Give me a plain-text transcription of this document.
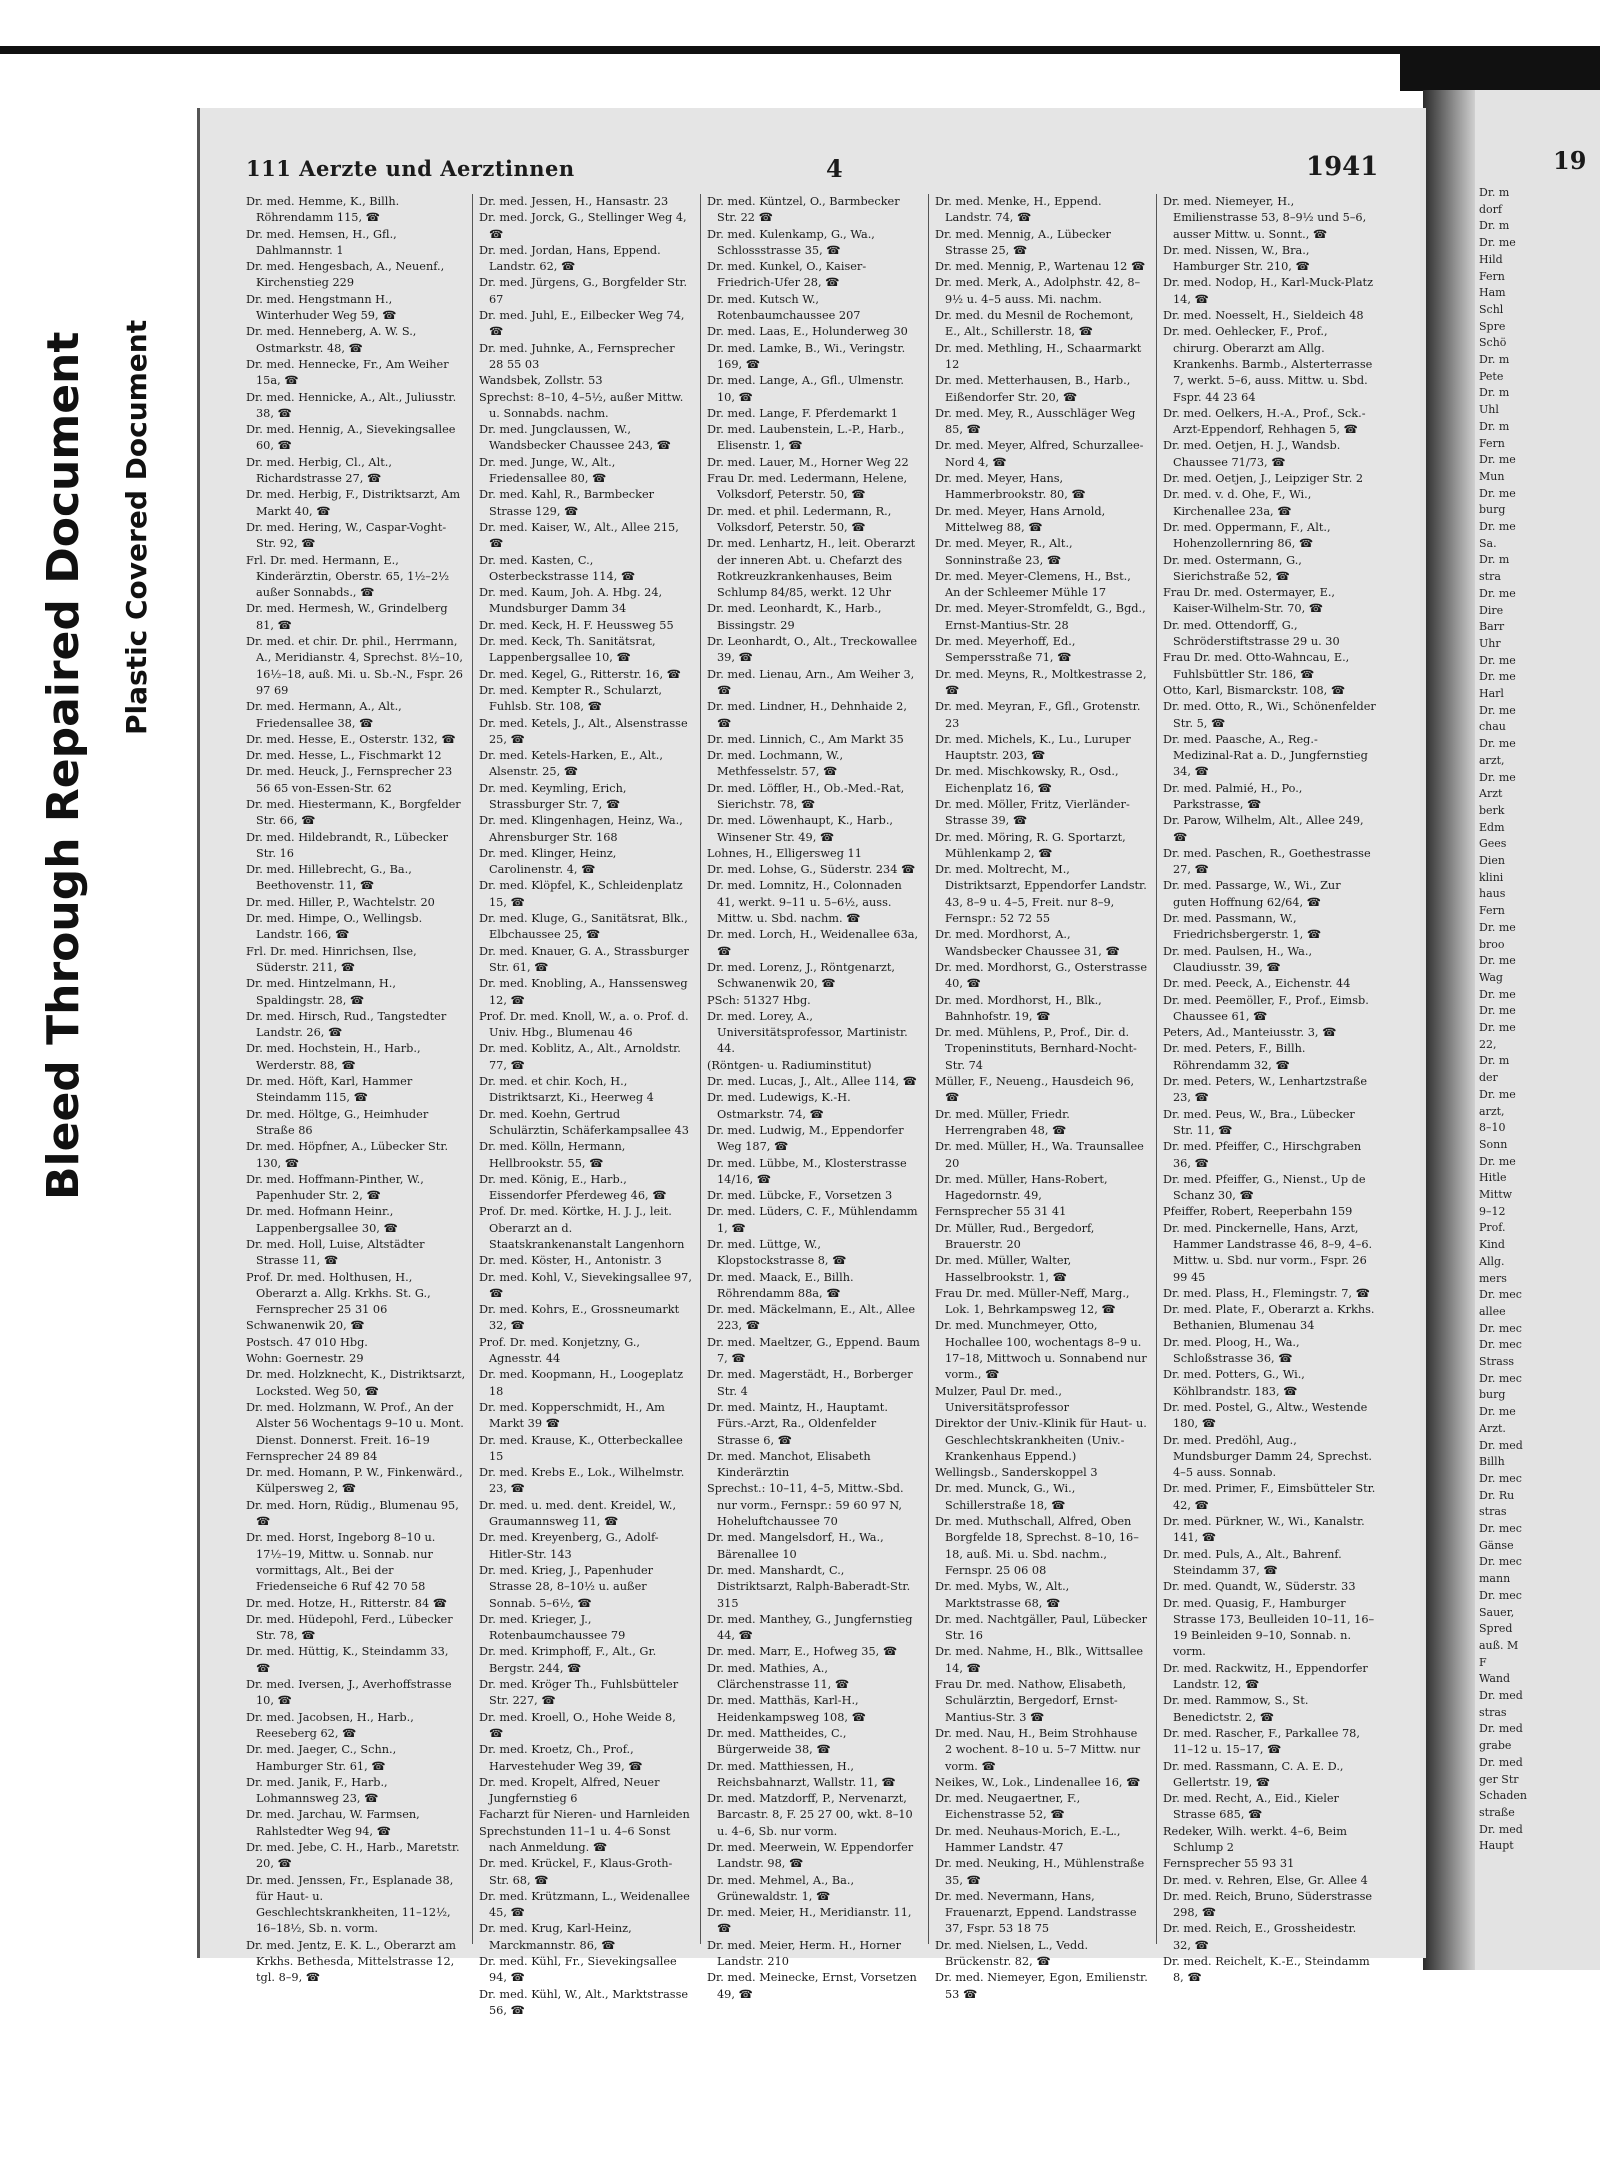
19
Dr. m
dorf
Dr. m
Dr. me
Hild
Fern
Ham
Schl
Spre
Schö
Dr. m
Pete
Dr. m
Uhl
Dr. m
Fern
Dr. me
Mun
Dr. me
burg
Dr. me
Sa.
Dr. m
stra
Dr. me
Dire
Barr
Uhr
Dr. me
Dr. me
Harl
Dr. me
chau
Dr. me
arzt,
Dr. me
Arzt
berk
Edm
Gees
Dien
klini
haus
Fern
Dr. me
broo
Dr. me
Wag
Dr. me
Dr. me
Dr. me
22,
Dr. m
der
Dr. me
arzt,
8–10
Sonn
Dr. me
Hitle
Mittw
9–12
Prof.
Kind
Allg.
mers
Dr. mec
allee
Dr. mec
Dr. mec
Strass
Dr. mec
burg
Dr. me
Arzt.
Dr. med
Billh
Dr. mec
Dr. Ru
stras
Dr. mec
Gänse
Dr. mec
mann
Dr. mec
Sauer,
Spred
auß. M
F
Wand
Dr. med
stras
Dr. med
grabe
Dr. med
ger Str
Schaden
straße
Dr. med
Haupt
Bleed Through Repaired Document Plastic Covered Document
111 Aerzte und Aerztinnen	4	1941

Dr. med. Hemme, K., Billh. Röhrendamm 115, ☎

Dr. med. Hemsen, H., Gfl., Dahlmannstr. 1

Dr. med. Hengesbach, A., Neuenf., Kirchenstieg 229

Dr. med. Hengstmann H., Winterhuder Weg 59, ☎

Dr. med. Henneberg, A. W. S., Ostmarkstr. 48, ☎

Dr. med. Hennecke, Fr., Am Weiher 15a, ☎

Dr. med. Hennicke, A., Alt., Juliusstr. 38, ☎

Dr. med. Hennig, A., Sievekingsallee 60, ☎

Dr. med. Herbig, Cl., Alt., Richardstrasse 27, ☎

Dr. med. Herbig, F., Distriktsarzt, Am Markt 40, ☎

Dr. med. Hering, W., Caspar-Voght-Str. 92, ☎

Frl. Dr. med. Hermann, E., Kinderärztin, Oberstr. 65, 1½–2½ außer Sonnabds., ☎

Dr. med. Hermesh, W., Grindelberg 81, ☎

Dr. med. et chir. Dr. phil., Herrmann, A., Meridianstr. 4, Sprechst. 8½–10, 16½–18, auß. Mi. u. Sb.-N., Fspr. 26 97 69

Dr. med. Hermann, A., Alt., Friedensallee 38, ☎

Dr. med. Hesse, E., Osterstr. 132, ☎

Dr. med. Hesse, L., Fischmarkt 12

Dr. med. Heuck, J., Fernsprecher 23 56 65 von-Essen-Str. 62

Dr. med. Hiestermann, K., Borgfelder Str. 66, ☎

Dr. med. Hildebrandt, R., Lübecker Str. 16

Dr. med. Hillebrecht, G., Ba., Beethovenstr. 11, ☎

Dr. med. Hiller, P., Wachtelstr. 20

Dr. med. Himpe, O., Wellingsb. Landstr. 166, ☎

Frl. Dr. med. Hinrichsen, Ilse, Süderstr. 211, ☎

Dr. med. Hintzelmann, H., Spaldingstr. 28, ☎

Dr. med. Hirsch, Rud., Tangstedter Landstr. 26, ☎

Dr. med. Hochstein, H., Harb., Werderstr. 88, ☎

Dr. med. Höft, Karl, Hammer Steindamm 115, ☎

Dr. med. Höltge, G., Heimhuder Straße 86

Dr. med. Höpfner, A., Lübecker Str. 130, ☎

Dr. med. Hoffmann-Pinther, W., Papenhuder Str. 2, ☎

Dr. med. Hofmann Heinr., Lappenbergsallee 30, ☎

Dr. med. Holl, Luise, Altstädter Strasse 11, ☎

Prof. Dr. med. Holthusen, H., Oberarzt a. Allg. Krkhs. St. G., Fernsprecher 25 31 06

Schwanenwik 20, ☎

Postsch. 47 010 Hbg.

Wohn: Goernestr. 29

Dr. med. Holzknecht, K., Distriktsarzt, Locksted. Weg 50, ☎

Dr. med. Holzmann, W. Prof., An der Alster 56 Wochentags 9–10 u. Mont. Dienst. Donnerst. Freit. 16–19

Fernsprecher 24 89 84

Dr. med. Homann, P. W., Finkenwärd., Külpersweg 2, ☎

Dr. med. Horn, Rüdig., Blumenau 95, ☎

Dr. med. Horst, Ingeborg 8–10 u. 17½–19, Mittw. u. Sonnab. nur vormittags, Alt., Bei der Friedenseiche 6 Ruf 42 70 58

Dr. med. Hotze, H., Ritterstr. 84 ☎

Dr. med. Hüdepohl, Ferd., Lübecker Str. 78, ☎

Dr. med. Hüttig, K., Steindamm 33, ☎

Dr. med. Iversen, J., Averhoffstrasse 10, ☎

Dr. med. Jacobsen, H., Harb., Reeseberg 62, ☎

Dr. med. Jaeger, C., Schn., Hamburger Str. 61, ☎

Dr. med. Janik, F., Harb., Lohmannsweg 23, ☎

Dr. med. Jarchau, W. Farmsen, Rahlstedter Weg 94, ☎

Dr. med. Jebe, C. H., Harb., Maretstr. 20, ☎

Dr. med. Jenssen, Fr., Esplanade 38, für Haut- u. Geschlechtskrankheiten, 11–12½, 16–18½, Sb. n. vorm.

Dr. med. Jentz, E. K. L., Oberarzt am Krkhs. Bethesda, Mittelstrasse 12, tgl. 8–9, ☎

Dr. med. Jessen, H., Hansastr. 23

Dr. med. Jorck, G., Stellinger Weg 4, ☎

Dr. med. Jordan, Hans, Eppend. Landstr. 62, ☎

Dr. med. Jürgens, G., Borgfelder Str. 67

Dr. med. Juhl, E., Eilbecker Weg 74, ☎

Dr. med. Juhnke, A., Fernsprecher 28 55 03

Wandsbek, Zollstr. 53

Sprechst: 8–10, 4–5½, außer Mittw. u. Sonnabds. nachm.

Dr. med. Jungclaussen, W., Wandsbecker Chaussee 243, ☎

Dr. med. Junge, W., Alt., Friedensallee 80, ☎

Dr. med. Kahl, R., Barmbecker Strasse 129, ☎

Dr. med. Kaiser, W., Alt., Allee 215, ☎

Dr. med. Kasten, C., Osterbeckstrasse 114, ☎

Dr. med. Kaum, Joh. A. Hbg. 24, Mundsburger Damm 34

Dr. med. Keck, H. F. Heussweg 55

Dr. med. Keck, Th. Sanitätsrat, Lappenbergsallee 10, ☎

Dr. med. Kegel, G., Ritterstr. 16, ☎

Dr. med. Kempter R., Schularzt, Fuhlsb. Str. 108, ☎

Dr. med. Ketels, J., Alt., Alsenstrasse 25, ☎

Dr. med. Ketels-Harken, E., Alt., Alsenstr. 25, ☎

Dr. med. Keymling, Erich, Strassburger Str. 7, ☎

Dr. med. Klingenhagen, Heinz, Wa., Ahrensburger Str. 168

Dr. med. Klinger, Heinz, Carolinenstr. 4, ☎

Dr. med. Klöpfel, K., Schleidenplatz 15, ☎

Dr. med. Kluge, G., Sanitätsrat, Blk., Elbchaussee 25, ☎

Dr. med. Knauer, G. A., Strassburger Str. 61, ☎

Dr. med. Knobling, A., Hanssensweg 12, ☎

Prof. Dr. med. Knoll, W., a. o. Prof. d. Univ. Hbg., Blumenau 46

Dr. med. Koblitz, A., Alt., Arnoldstr. 77, ☎

Dr. med. et chir. Koch, H., Distriktsarzt, Ki., Heerweg 4

Dr. med. Koehn, Gertrud Schulärztin, Schäferkampsallee 43

Dr. med. Kölln, Hermann, Hellbrookstr. 55, ☎

Dr. med. König, E., Harb., Eissendorfer Pferdeweg 46, ☎

Prof. Dr. med. Körtke, H. J. J., leit. Oberarzt an d. Staatskrankenanstalt Langenhorn

Dr. med. Köster, H., Antonistr. 3

Dr. med. Kohl, V., Sievekingsallee 97, ☎

Dr. med. Kohrs, E., Grossneumarkt 32, ☎

Prof. Dr. med. Konjetzny, G., Agnesstr. 44

Dr. med. Koopmann, H., Loogeplatz 18

Dr. med. Kopperschmidt, H., Am Markt 39 ☎

Dr. med. Krause, K., Otterbeckallee 15

Dr. med. Krebs E., Lok., Wilhelmstr. 23, ☎

Dr. med. u. med. dent. Kreidel, W., Graumannsweg 11, ☎

Dr. med. Kreyenberg, G., Adolf-Hitler-Str. 143

Dr. med. Krieg, J., Papenhuder Strasse 28, 8–10½ u. außer Sonnab. 5–6½, ☎

Dr. med. Krieger, J., Rotenbaumchaussee 79

Dr. med. Krimphoff, F., Alt., Gr. Bergstr. 244, ☎

Dr. med. Kröger Th., Fuhlsbütteler Str. 227, ☎

Dr. med. Kroell, O., Hohe Weide 8, ☎

Dr. med. Kroetz, Ch., Prof., Harvestehuder Weg 39, ☎

Dr. med. Kropelt, Alfred, Neuer Jungfernstieg 6

Facharzt für Nieren- und Harnleiden

Sprechstunden 11–1 u. 4–6 Sonst nach Anmeldung. ☎

Dr. med. Krückel, F., Klaus-Groth-Str. 68, ☎

Dr. med. Krützmann, L., Weidenallee 45, ☎

Dr. med. Krug, Karl-Heinz, Marckmannstr. 86, ☎

Dr. med. Kühl, Fr., Sievekingsallee 94, ☎

Dr. med. Kühl, W., Alt., Marktstrasse 56, ☎

Dr. med. Küntzel, O., Barmbecker Str. 22 ☎

Dr. med. Kulenkamp, G., Wa., Schlossstrasse 35, ☎

Dr. med. Kunkel, O., Kaiser-Friedrich-Ufer 28, ☎

Dr. med. Kutsch W., Rotenbaumchaussee 207

Dr. med. Laas, E., Holunderweg 30

Dr. med. Lamke, B., Wi., Veringstr. 169, ☎

Dr. med. Lange, A., Gfl., Ulmenstr. 10, ☎

Dr. med. Lange, F. Pferdemarkt 1

Dr. med. Laubenstein, L.-P., Harb., Elisenstr. 1, ☎

Dr. med. Lauer, M., Horner Weg 22

Frau Dr. med. Ledermann, Helene, Volksdorf, Peterstr. 50, ☎

Dr. med. et phil. Ledermann, R., Volksdorf, Peterstr. 50, ☎

Dr. med. Lenhartz, H., leit. Oberarzt der inneren Abt. u. Chefarzt des Rotkreuzkrankenhauses, Beim Schlump 84/85, werkt. 12 Uhr

Dr. med. Leonhardt, K., Harb., Bissingstr. 29

Dr. Leonhardt, O., Alt., Treckowallee 39, ☎

Dr. med. Lienau, Arn., Am Weiher 3, ☎

Dr. med. Lindner, H., Dehnhaide 2, ☎

Dr. med. Linnich, C., Am Markt 35

Dr. med. Lochmann, W., Methfesselstr. 57, ☎

Dr. med. Löffler, H., Ob.-Med.-Rat, Sierichstr. 78, ☎

Dr. med. Löwenhaupt, K., Harb., Winsener Str. 49, ☎

Lohnes, H., Elligersweg 11

Dr. med. Lohse, G., Süderstr. 234 ☎

Dr. med. Lomnitz, H., Colonnaden 41, werkt. 9–11 u. 5–6½, auss. Mittw. u. Sbd. nachm. ☎

Dr. med. Lorch, H., Weidenallee 63a, ☎

Dr. med. Lorenz, J., Röntgenarzt, Schwanenwik 20, ☎

PSch: 51327 Hbg.

Dr. med. Lorey, A., Universitätsprofessor, Martinistr. 44.

(Röntgen- u. Radiuminstitut)

Dr. med. Lucas, J., Alt., Allee 114, ☎

Dr. med. Ludewigs, K.-H. Ostmarkstr. 74, ☎

Dr. med. Ludwig, M., Eppendorfer Weg 187, ☎

Dr. med. Lübbe, M., Klosterstrasse 14/16, ☎

Dr. med. Lübcke, F., Vorsetzen 3

Dr. med. Lüders, C. F., Mühlendamm 1, ☎

Dr. med. Lüttge, W., Klopstockstrasse 8, ☎

Dr. med. Maack, E., Billh. Röhrendamm 88a, ☎

Dr. med. Mäckelmann, E., Alt., Allee 223, ☎

Dr. med. Maeltzer, G., Eppend. Baum 7, ☎

Dr. med. Magerstädt, H., Borberger Str. 4

Dr. med. Maintz, H., Hauptamt. Fürs.-Arzt, Ra., Oldenfelder Strasse 6, ☎

Dr. med. Manchot, Elisabeth Kinderärztin

Sprechst.: 10–11, 4–5, Mittw.-Sbd. nur vorm., Fernspr.: 59 60 97 N, Hoheluftchaussee 70

Dr. med. Mangelsdorf, H., Wa., Bärenallee 10

Dr. med. Manshardt, C., Distriktsarzt, Ralph-Baberadt-Str. 315

Dr. med. Manthey, G., Jungfernstieg 44, ☎

Dr. med. Marr, E., Hofweg 35, ☎

Dr. med. Mathies, A., Clärchenstrasse 11, ☎

Dr. med. Matthäs, Karl-H., Heidenkampsweg 108, ☎

Dr. med. Mattheides, C., Bürgerweide 38, ☎

Dr. med. Matthiessen, H., Reichsbahnarzt, Wallstr. 11, ☎

Dr. med. Matzdorff, P., Nervenarzt, Barcastr. 8, F. 25 27 00, wkt. 8–10 u. 4–6, Sb. nur vorm.

Dr. med. Meerwein, W. Eppendorfer Landstr. 98, ☎

Dr. med. Mehmel, A., Ba., Grünewaldstr. 1, ☎

Dr. med. Meier, H., Meridianstr. 11, ☎

Dr. med. Meier, Herm. H., Horner Landstr. 210

Dr. med. Meinecke, Ernst, Vorsetzen 49, ☎

Dr. med. Menke, H., Eppend. Landstr. 74, ☎

Dr. med. Mennig, A., Lübecker Strasse 25, ☎

Dr. med. Mennig, P., Wartenau 12 ☎

Dr. med. Merk, A., Adolphstr. 42, 8–9½ u. 4–5 auss. Mi. nachm.

Dr. med. du Mesnil de Rochemont, E., Alt., Schillerstr. 18, ☎

Dr. med. Methling, H., Schaarmarkt 12

Dr. med. Metterhausen, B., Harb., Eißendorfer Str. 20, ☎

Dr. med. Mey, R., Ausschläger Weg 85, ☎

Dr. med. Meyer, Alfred, Schurzallee-Nord 4, ☎

Dr. med. Meyer, Hans, Hammerbrookstr. 80, ☎

Dr. med. Meyer, Hans Arnold, Mittelweg 88, ☎

Dr. med. Meyer, R., Alt., Sonninstraße 23, ☎

Dr. med. Meyer-Clemens, H., Bst., An der Schleemer Mühle 17

Dr. med. Meyer-Stromfeldt, G., Bgd., Ernst-Mantius-Str. 28

Dr. med. Meyerhoff, Ed., Sempersstraße 71, ☎

Dr. med. Meyns, R., Moltkestrasse 2, ☎

Dr. med. Meyran, F., Gfl., Grotenstr. 23

Dr. med. Michels, K., Lu., Luruper Hauptstr. 203, ☎

Dr. med. Mischkowsky, R., Osd., Eichenplatz 16, ☎

Dr. med. Möller, Fritz, Vierländer-Strasse 39, ☎

Dr. med. Möring, R. G. Sportarzt, Mühlenkamp 2, ☎

Dr. med. Moltrecht, M., Distriktsarzt, Eppendorfer Landstr. 43, 8–9 u. 4–5, Freit. nur 8–9, Fernspr.: 52 72 55

Dr. med. Mordhorst, A., Wandsbecker Chaussee 31, ☎

Dr. med. Mordhorst, G., Osterstrasse 40, ☎

Dr. med. Mordhorst, H., Blk., Bahnhofstr. 19, ☎

Dr. med. Mühlens, P., Prof., Dir. d. Tropeninstituts, Bernhard-Nocht-Str. 74

Müller, F., Neueng., Hausdeich 96, ☎

Dr. med. Müller, Friedr. Herrengraben 48, ☎

Dr. med. Müller, H., Wa. Traunsallee 20

Dr. med. Müller, Hans-Robert, Hagedornstr. 49,

Fernsprecher 55 31 41

Dr. Müller, Rud., Bergedorf, Brauerstr. 20

Dr. med. Müller, Walter, Hasselbrookstr. 1, ☎

Frau Dr. med. Müller-Neff, Marg., Lok. 1, Behrkampsweg 12, ☎

Dr. med. Munchmeyer, Otto, Hochallee 100, wochentags 8–9 u. 17–18, Mittwoch u. Sonnabend nur vorm., ☎

Mulzer, Paul Dr. med., Universitätsprofessor

Direktor der Univ.-Klinik für Haut- u. Geschlechtskrankheiten (Univ.-Krankenhaus Eppend.)

Wellingsb., Sanderskoppel 3

Dr. med. Munck, G., Wi., Schillerstraße 18, ☎

Dr. med. Muthschall, Alfred, Oben Borgfelde 18, Sprechst. 8–10, 16–18, auß. Mi. u. Sbd. nachm., Fernspr. 25 06 08

Dr. med. Mybs, W., Alt., Marktstrasse 68, ☎

Dr. med. Nachtgäller, Paul, Lübecker Str. 16

Dr. med. Nahme, H., Blk., Wittsallee 14, ☎

Frau Dr. med. Nathow, Elisabeth, Schulärztin, Bergedorf, Ernst-Mantius-Str. 3 ☎

Dr. med. Nau, H., Beim Strohhause 2 wochent. 8–10 u. 5–7 Mittw. nur vorm. ☎

Neikes, W., Lok., Lindenallee 16, ☎

Dr. med. Neugaertner, F., Eichenstrasse 52, ☎

Dr. med. Neuhaus-Morich, E.-L., Hammer Landstr. 47

Dr. med. Neuking, H., Mühlenstraße 35, ☎

Dr. med. Nevermann, Hans, Frauenarzt, Eppend. Landstrasse 37, Fspr. 53 18 75

Dr. med. Nielsen, L., Vedd. Brückenstr. 82, ☎

Dr. med. Niemeyer, Egon, Emilienstr. 53 ☎

Dr. med. Niemeyer, H., Emilienstrasse 53, 8–9½ und 5–6, ausser Mittw. u. Sonnt., ☎

Dr. med. Nissen, W., Bra., Hamburger Str. 210, ☎

Dr. med. Nodop, H., Karl-Muck-Platz 14, ☎

Dr. med. Noesselt, H., Sieldeich 48

Dr. med. Oehlecker, F., Prof., chirurg. Oberarzt am Allg. Krankenhs. Barmb., Alsterterrasse 7, werkt. 5–6, auss. Mittw. u. Sbd. Fspr. 44 23 64

Dr. med. Oelkers, H.-A., Prof., Sck.-Arzt-Eppendorf, Rehhagen 5, ☎

Dr. med. Oetjen, H. J., Wandsb. Chaussee 71/73, ☎

Dr. med. Oetjen, J., Leipziger Str. 2

Dr. med. v. d. Ohe, F., Wi., Kirchenallee 23a, ☎

Dr. med. Oppermann, F., Alt., Hohenzollernring 86, ☎

Dr. med. Ostermann, G., Sierichstraße 52, ☎

Frau Dr. med. Ostermayer, E., Kaiser-Wilhelm-Str. 70, ☎

Dr. med. Ottendorff, G., Schröderstiftstrasse 29 u. 30

Frau Dr. med. Otto-Wahncau, E., Fuhlsbüttler Str. 186, ☎

Otto, Karl, Bismarckstr. 108, ☎

Dr. med. Otto, R., Wi., Schönenfelder Str. 5, ☎

Dr. med. Paasche, A., Reg.-Medizinal-Rat a. D., Jungfernstieg 34, ☎

Dr. med. Palmié, H., Po., Parkstrasse, ☎

Dr. Parow, Wilhelm, Alt., Allee 249, ☎

Dr. med. Paschen, R., Goethestrasse 27, ☎

Dr. med. Passarge, W., Wi., Zur guten Hoffnung 62/64, ☎

Dr. med. Passmann, W., Friedrichsbergerstr. 1, ☎

Dr. med. Paulsen, H., Wa., Claudiusstr. 39, ☎

Dr. med. Peeck, A., Eichenstr. 44

Dr. med. Peemöller, F., Prof., Eimsb. Chaussee 61, ☎

Peters, Ad., Manteiusstr. 3, ☎

Dr. med. Peters, F., Billh. Röhrendamm 32, ☎

Dr. med. Peters, W., Lenhartzstraße 23, ☎

Dr. med. Peus, W., Bra., Lübecker Str. 11, ☎

Dr. med. Pfeiffer, C., Hirschgraben 36, ☎

Dr. med. Pfeiffer, G., Nienst., Up de Schanz 30, ☎

Pfeiffer, Robert, Reeperbahn 159

Dr. med. Pinckernelle, Hans, Arzt, Hammer Landstrasse 46, 8–9, 4–6. Mittw. u. Sbd. nur vorm., Fspr. 26 99 45

Dr. med. Plass, H., Flemingstr. 7, ☎

Dr. med. Plate, F., Oberarzt a. Krkhs. Bethanien, Blumenau 34

Dr. med. Ploog, H., Wa., Schloßstrasse 36, ☎

Dr. med. Potters, G., Wi., Köhlbrandstr. 183, ☎

Dr. med. Postel, G., Altw., Westende 180, ☎

Dr. med. Predöhl, Aug., Mundsburger Damm 24, Sprechst. 4–5 auss. Sonnab.

Dr. med. Primer, F., Eimsbütteler Str. 42, ☎

Dr. med. Pürkner, W., Wi., Kanalstr. 141, ☎

Dr. med. Puls, A., Alt., Bahrenf. Steindamm 37, ☎

Dr. med. Quandt, W., Süderstr. 33

Dr. med. Quasig, F., Hamburger Strasse 173, Beulleiden 10–11, 16–19 Beinleiden 9–10, Sonnab. n. vorm.

Dr. med. Rackwitz, H., Eppendorfer Landstr. 12, ☎

Dr. med. Rammow, S., St. Benedictstr. 2, ☎

Dr. med. Rascher, F., Parkallee 78, 11–12 u. 15–17, ☎

Dr. med. Rassmann, C. A. E. D., Gellertstr. 19, ☎

Dr. med. Recht, A., Eid., Kieler Strasse 685, ☎

Redeker, Wilh. werkt. 4–6, Beim Schlump 2

Fernsprecher 55 93 31

Dr. med. v. Rehren, Else, Gr. Allee 4

Dr. med. Reich, Bruno, Süderstrasse 298, ☎

Dr. med. Reich, E., Grossheidestr. 32, ☎

Dr. med. Reichelt, K.-E., Steindamm 8, ☎
